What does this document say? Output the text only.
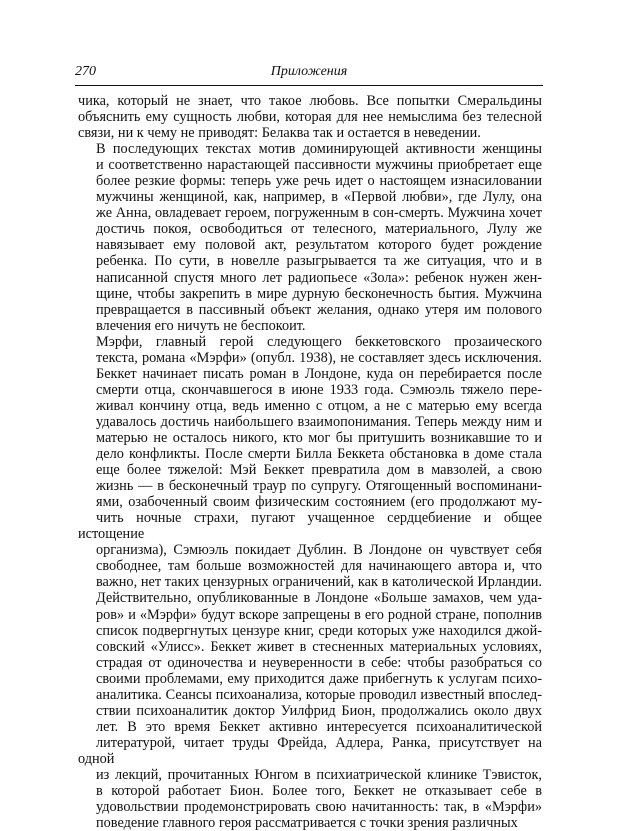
270	Приложения

чика, который не знает, что такое любовь. Все попытки Смеральдины
объяснить ему сущность любви, которая для нее немыслима без телесной
связи, ни к чему не приводят: Белаква так и остается в неведении.

В последующих текстах мотив доминирующей активности женщины
и соответственно нарастающей пассивности мужчины приобретает еще
более резкие формы: теперь уже речь идет о настоящем изнасиловании
мужчины женщиной, как, например, в «Первой любви», где Лулу, она
же Анна, овладевает героем, погруженным в сон-смерть. Мужчина хочет
достичь покоя, освободиться от телесного, материального, Лулу же
навязывает ему половой акт, результатом которого будет рождение
ребенка. По сути, в новелле разыгрывается та же ситуация, что и в
написанной спустя много лет радиопьесе «Зола»: ребенок нужен жен-
щине, чтобы закрепить в мире дурную бесконечность бытия. Мужчина
превращается в пассивный объект желания, однако утеря им полового
влечения его ничуть не беспокоит.

Мэрфи, главный герой следующего беккетовского прозаического
текста, романа «Мэрфи» (опубл. 1938), не составляет здесь исключения.
Беккет начинает писать роман в Лондоне, куда он перебирается после
смерти отца, скончавшегося в июне 1933 года. Сэмюэль тяжело пере-
живал кончину отца, ведь именно с отцом, а не с матерью ему всегда
удавалось достичь наибольшего взаимопонимания. Теперь между ним и
матерью не осталось никого, кто мог бы притушить возникавшие то и
дело конфликты. После смерти Билла Беккета обстановка в доме стала
еще более тяжелой: Мэй Беккет превратила дом в мавзолей, а свою
жизнь — в бесконечный траур по супругу. Отягощенный воспоминани-
ями, озабоченный своим физическим состоянием (его продолжают му-
чить ночные страхи, пугают учащенное сердцебиение и общее истощение
организма), Сэмюэль покидает Дублин. В Лондоне он чувствует себя
свободнее, там больше возможностей для начинающего автора и, что
важно, нет таких цензурных ограничений, как в католической Ирландии.
Действительно, опубликованные в Лондоне «Больше замахов, чем уда-
ров» и «Мэрфи» будут вскоре запрещены в его родной стране, пополнив
список подвергнутых цензуре книг, среди которых уже находился джой-
совский «Улисс». Беккет живет в стесненных материальных условиях,
страдая от одиночества и неуверенности в себе: чтобы разобраться со
своими проблемами, ему приходится даже прибегнуть к услугам психо-
аналитика. Сеансы психоанализа, которые проводил известный впослед-
ствии психоаналитик доктор Уилфрид Бион, продолжались около двух
лет. В это время Беккет активно интересуется психоаналитической
литературой, читает труды Фрейда, Адлера, Ранка, присутствует на одной
из лекций, прочитанных Юнгом в психиатрической клинике Тэвисток,
в которой работает Бион. Более того, Беккет не отказывает себе в
удовольствии продемонстрировать свою начитанность: так, в «Мэрфи»
поведение главного героя рассматривается с точки зрения различных
